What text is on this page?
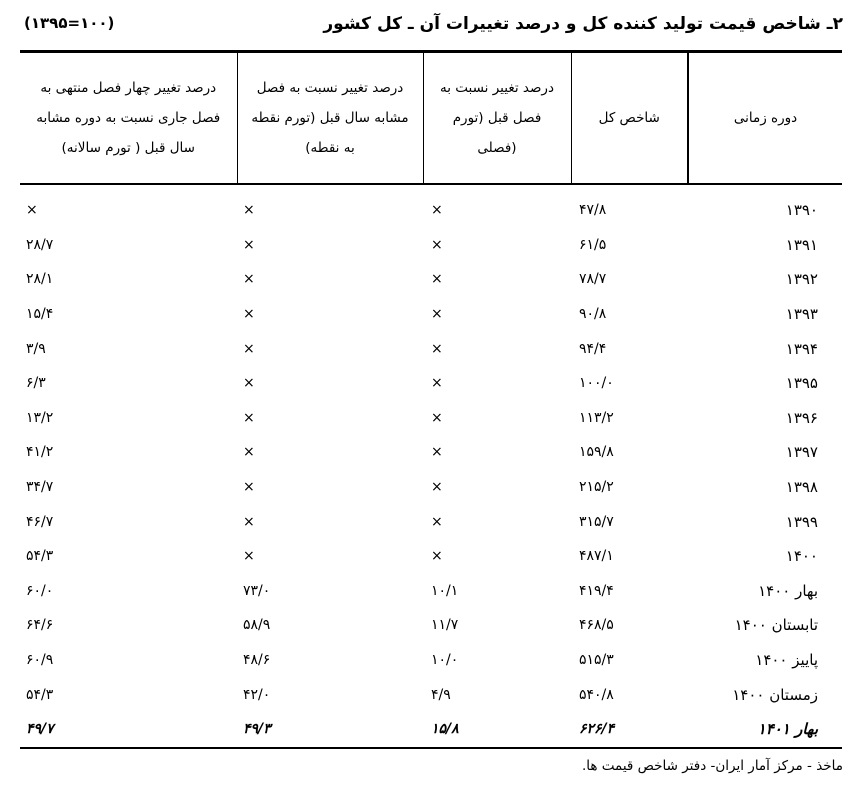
۲ـ شاخص قیمت تولید کننده کل و درصد تغییرات آن ـ کل کشور
(۱۰۰=۱۳۹۵)
دوره زمانی	شاخص کل	درصد تغییر نسبت به فصل قبل (تورم (فصلی	درصد تغییر نسبت به فصل مشابه سال قبل (تورم نقطه به نقطه)	درصد تغییر چهار فصل منتهی به فصل جاری نسبت به دوره مشابه سال قبل ( تورم سالانه)
۱۳۹۰	۴۷/۸	×	×	×
۱۳۹۱	۶۱/۵	×	×	۲۸/۷
۱۳۹۲	۷۸/۷	×	×	۲۸/۱
۱۳۹۳	۹۰/۸	×	×	۱۵/۴
۱۳۹۴	۹۴/۴	×	×	۳/۹
۱۳۹۵	۱۰۰/۰	×	×	۶/۳
۱۳۹۶	۱۱۳/۲	×	×	۱۳/۲
۱۳۹۷	۱۵۹/۸	×	×	۴۱/۲
۱۳۹۸	۲۱۵/۲	×	×	۳۴/۷
۱۳۹۹	۳۱۵/۷	×	×	۴۶/۷
۱۴۰۰	۴۸۷/۱	×	×	۵۴/۳
بهار ۱۴۰۰	۴۱۹/۴	۱۰/۱	۷۳/۰	۶۰/۰
تابستان ۱۴۰۰	۴۶۸/۵	۱۱/۷	۵۸/۹	۶۴/۶
پاییز ۱۴۰۰	۵۱۵/۳	۱۰/۰	۴۸/۶	۶۰/۹
زمستان ۱۴۰۰	۵۴۰/۸	۴/۹	۴۲/۰	۵۴/۳
بهار ۱۴۰۱	۶۲۶/۴	۱۵/۸	۴۹/۳	۴۹/۷
ماخذ - مرکز آمار ایران- دفتر شاخص قیمت ها.
